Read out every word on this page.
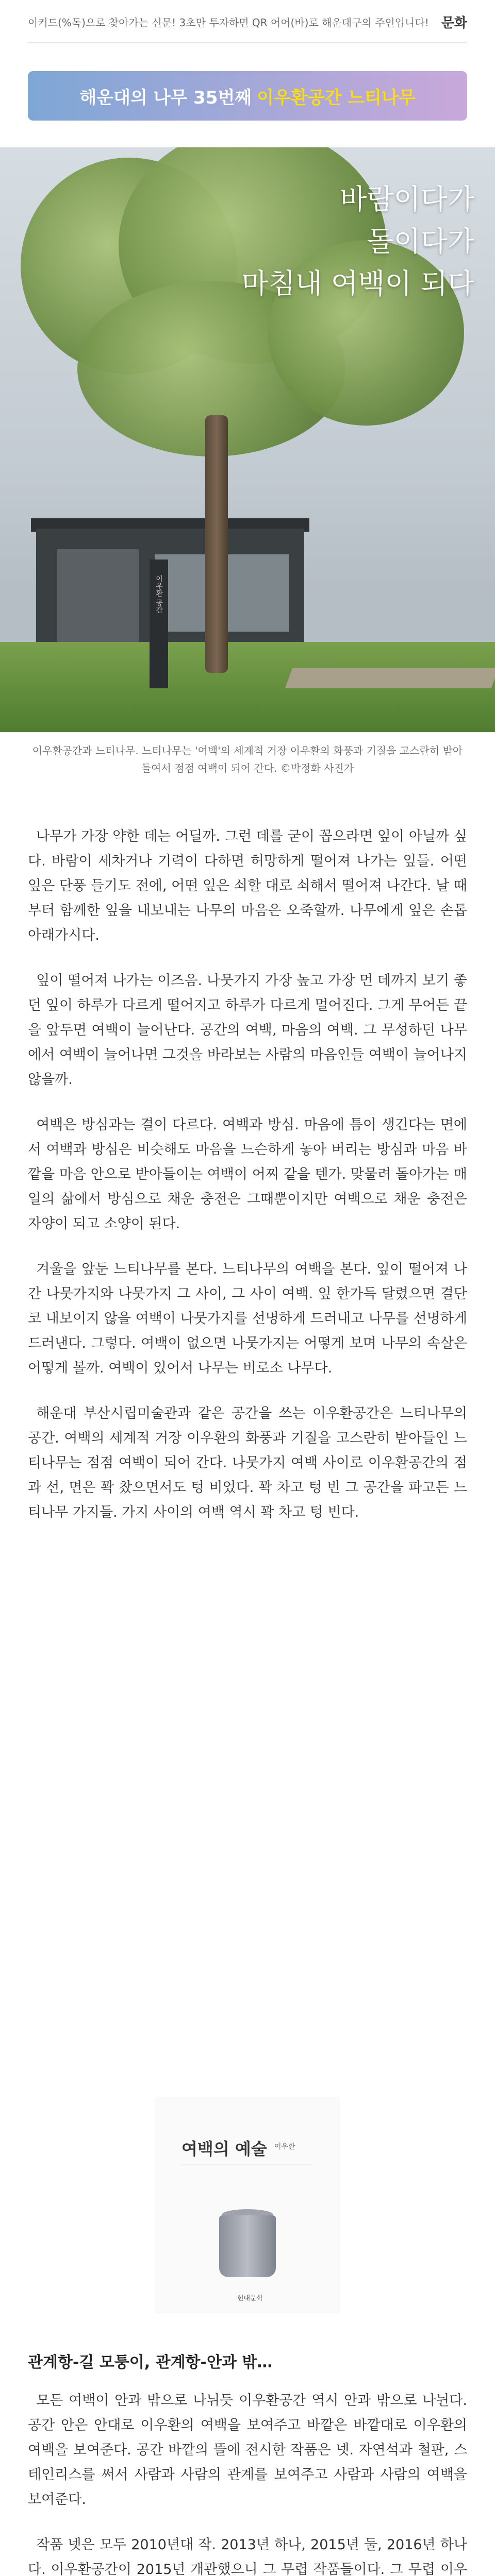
이커드(%독)으로 찾아가는 신문! 3초만 투자하면 QR 어어(바)로 해운대구의 주인입니다! 문화
해운대의 나무 35번째 이우환공간 느티나무
이우환 공간
바람이다가
돌이다가
마침내 여백이 되다
이우환공간과 느티나무. 느티나무는 '여백'의 세계적 거장 이우환의 화풍과 기질을 고스란히 받아들여서 점점 여백이 되어 간다. ©박정화 사진가

나무가 가장 약한 데는 어딜까. 그런 데를 굳이 꼽으라면 잎이 아닐까 싶다. 바람이 세차거나 기력이 다하면 허망하게 떨어져 나가는 잎들. 어떤 잎은 단풍 들기도 전에, 어떤 잎은 쇠할 대로 쇠해서 떨어져 나간다. 날 때부터 함께한 잎을 내보내는 나무의 마음은 오죽할까. 나무에게 잎은 손톱 아래가시다.

잎이 떨어져 나가는 이즈음. 나뭇가지 가장 높고 가장 먼 데까지 보기 좋던 잎이 하루가 다르게 떨어지고 하루가 다르게 멀어진다. 그게 무어든 끝을 앞두면 여백이 늘어난다. 공간의 여백, 마음의 여백. 그 무성하던 나무에서 여백이 늘어나면 그것을 바라보는 사람의 마음인들 여백이 늘어나지 않을까.

여백은 방심과는 결이 다르다. 여백과 방심. 마음에 틈이 생긴다는 면에서 여백과 방심은 비슷해도 마음을 느슨하게 놓아 버리는 방심과 마음 바깥을 마음 안으로 받아들이는 여백이 어찌 같을 텐가. 맞물려 돌아가는 매일의 삶에서 방심으로 채운 충전은 그때뿐이지만 여백으로 채운 충전은 자양이 되고 소양이 된다.

겨울을 앞둔 느티나무를 본다. 느티나무의 여백을 본다. 잎이 떨어져 나간 나뭇가지와 나뭇가지 그 사이, 그 사이 여백. 잎 한가득 달렸으면 결단코 내보이지 않을 여백이 나뭇가지를 선명하게 드러내고 나무를 선명하게 드러낸다. 그렇다. 여백이 없으면 나뭇가지는 어떻게 보며 나무의 속살은 어떻게 볼까. 여백이 있어서 나무는 비로소 나무다.

해운대 부산시립미술관과 같은 공간을 쓰는 이우환공간은 느티나무의 공간. 여백의 세계적 거장 이우환의 화풍과 기질을 고스란히 받아들인 느티나무는 점점 여백이 되어 간다. 나뭇가지 여백 사이로 이우환공간의 점과 선, 면은 꽉 찼으면서도 텅 비었다. 꽉 차고 텅 빈 그 공간을 파고든 느티나무 가지들. 가지 사이의 여백 역시 꽉 차고 텅 빈다.

여백의 예술 이우환
현대문학
관계항-길 모퉁이, 관계항-안과 밖…

모든 여백이 안과 밖으로 나뉘듯 이우환공간 역시 안과 밖으로 나뉜다. 공간 안은 안대로 이우환의 여백을 보여주고 바깥은 바깥대로 이우환의 여백을 보여준다. 공간 바깥의 뜰에 전시한 작품은 넷. 자연석과 철판, 스테인리스를 써서 사람과 사람의 관계를 보여주고 사람과 사람의 여백을 보여준다.

작품 넷은 모두 2010년대 작. 2013년 하나, 2015년 둘, 2016년 하나다. 이우환공간이 2015년 개관했으니 그 무렵 작품들이다. 그 무렵 이우
